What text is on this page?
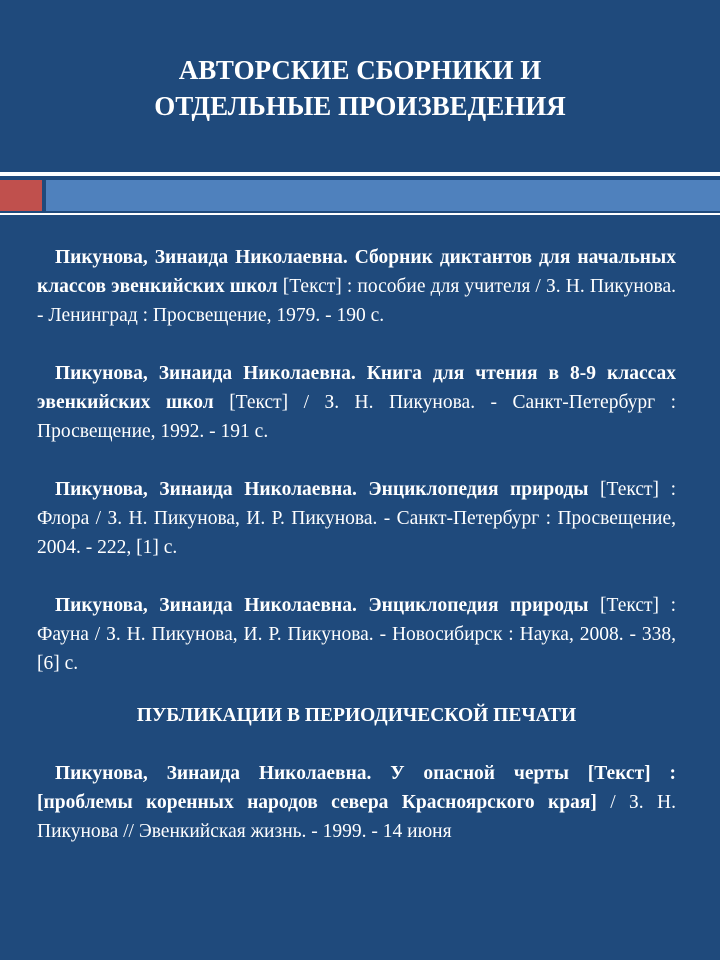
АВТОРСКИЕ СБОРНИКИ И
ОТДЕЛЬНЫЕ ПРОИЗВЕДЕНИЯ

Пикунова, Зинаида Николаевна. Сборник диктантов для начальных классов эвенкийских школ [Текст] : пособие для учителя / З. Н. Пикунова. - Ленинград : Просвещение, 1979. - 190 с.

Пикунова, Зинаида Николаевна. Книга для чтения в 8-9 классах эвенкийских школ [Текст] / З. Н. Пикунова. - Санкт-Петербург : Просвещение, 1992. - 191 с.

Пикунова, Зинаида Николаевна. Энциклопедия природы [Текст] : Флора / З. Н. Пикунова, И. Р. Пикунова. - Санкт-Петербург : Просвещение, 2004. - 222, [1] с.

Пикунова, Зинаида Николаевна. Энциклопедия природы [Текст] : Фауна / З. Н. Пикунова, И. Р. Пикунова. - Новосибирск : Наука, 2008. - 338, [6] с.

ПУБЛИКАЦИИ В ПЕРИОДИЧЕСКОЙ ПЕЧАТИ

Пикунова, Зинаида Николаевна. У опасной черты [Текст] : [проблемы коренных народов севера Красноярского края] / З. Н. Пикунова // Эвенкийская жизнь. - 1999. - 14 июня
